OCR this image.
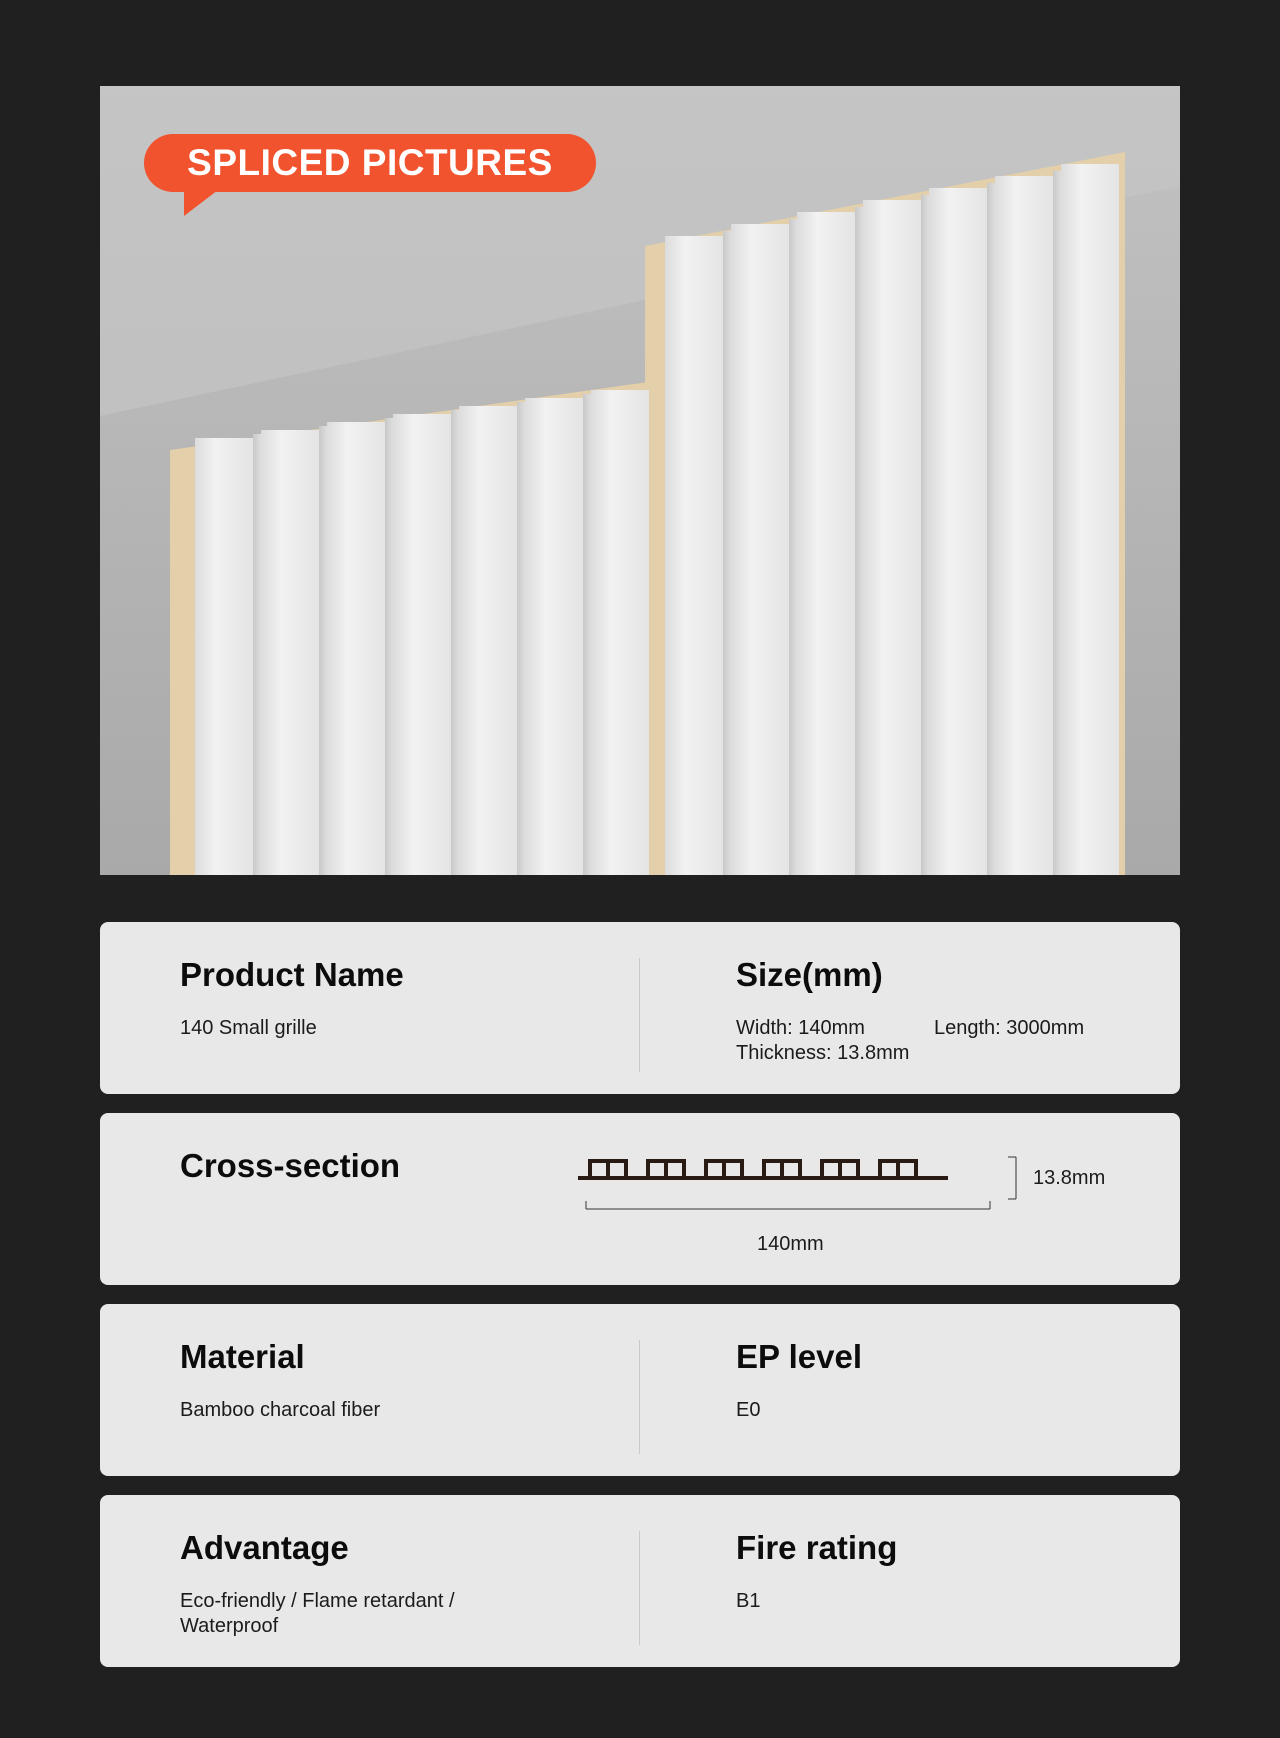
SPLICED PICTURES
Product Name
140 Small grille
Size(mm)
Width: 140mm	Length: 3000mm
Thickness: 13.8mm
Cross-section	13.8mm
140mm
Material
Bamboo charcoal fiber
EP level
E0
Advantage
Eco-friendly / Flame retardant /
Waterproof
Fire rating
B1
